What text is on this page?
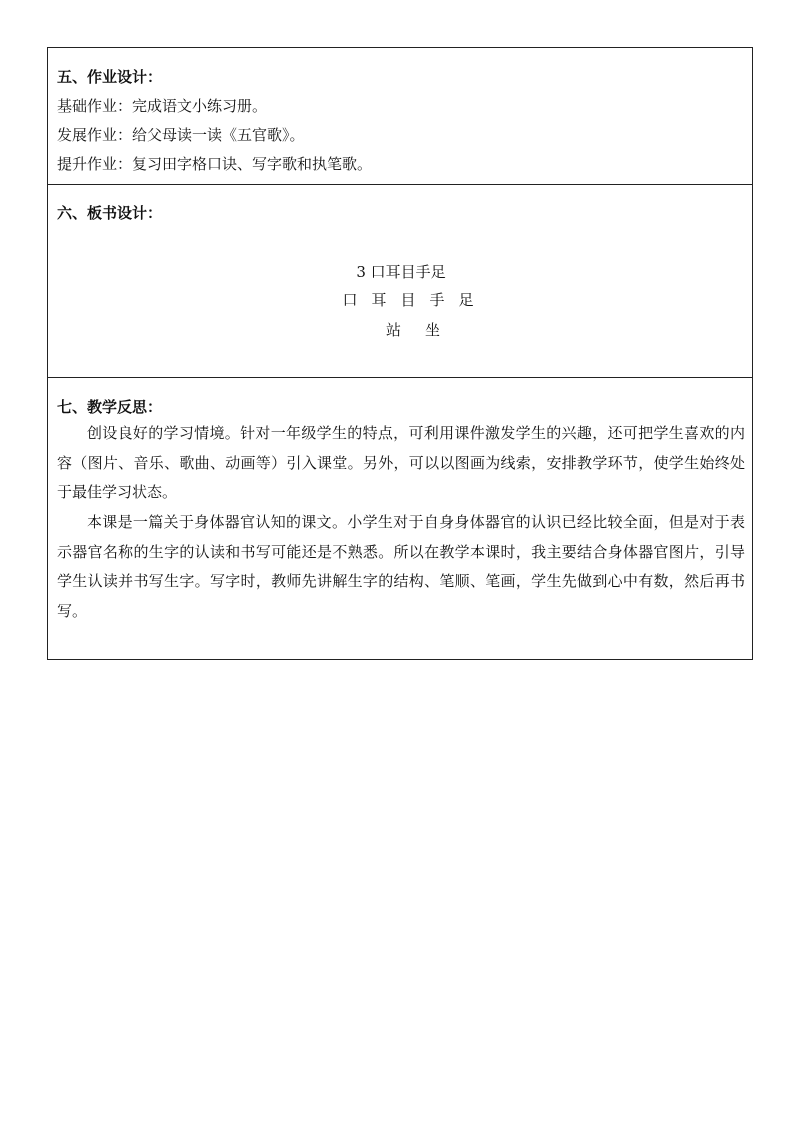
五、作业设计：
基础作业：完成语文小练习册。
发展作业：给父母读一读《五官歌》。
提升作业：复习田字格口诀、写字歌和执笔歌。
六、板书设计：
3 口耳目手足
口耳目手足
站坐
七、教学反思：
创设良好的学习情境。针对一年级学生的特点，可利用课件激发学生的兴趣，还可把学生喜欢的内容（图片、音乐、歌曲、动画等）引入课堂。另外，可以以图画为线索，安排教学环节，使学生始终处于最佳学习状态。
本课是一篇关于身体器官认知的课文。小学生对于自身身体器官的认识已经比较全面，但是对于表示器官名称的生字的认读和书写可能还是不熟悉。所以在教学本课时，我主要结合身体器官图片，引导学生认读并书写生字。写字时，教师先讲解生字的结构、笔顺、笔画，学生先做到心中有数，然后再书写。
